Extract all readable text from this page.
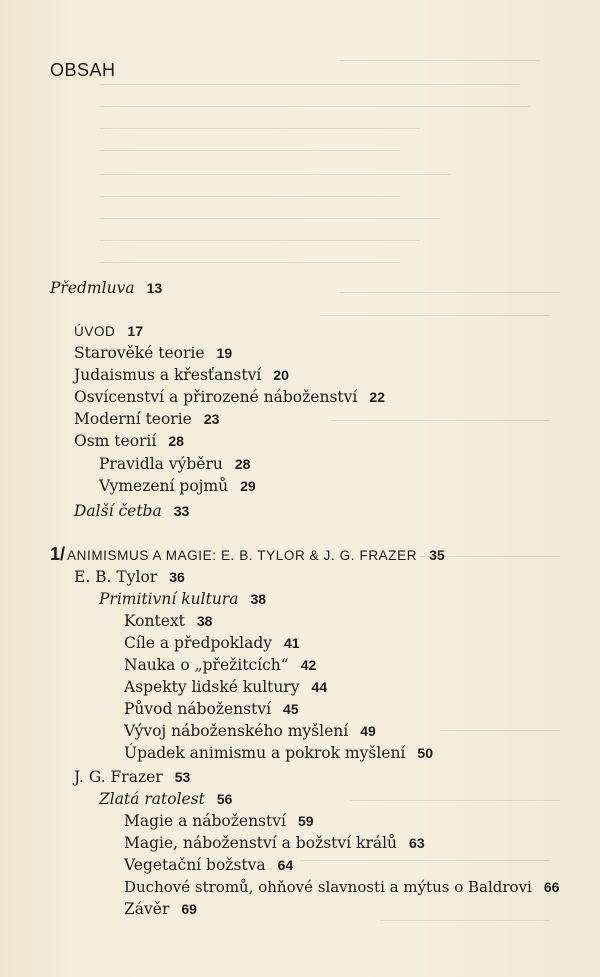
OBSAH
Předmluva 13
ÚVOD 17
Starověké teorie 19
Judaismus a křesťanství 20
Osvícenství a přirozené náboženství 22
Moderní teorie 23
Osm teorií 28
Pravidla výběru 28
Vymezení pojmů 29
Další četba 33
1/ ANIMISMUS A MAGIE: E. B. TYLOR & J. G. FRAZER 35
E. B. Tylor 36
Primitivní kultura 38
Kontext 38
Cíle a předpoklady 41
Nauka o „přežitcích“ 42
Aspekty lidské kultury 44
Původ náboženství 45
Vývoj náboženského myšlení 49
Úpadek animismu a pokrok myšlení 50
J. G. Frazer 53
Zlatá ratolest 56
Magie a náboženství 59
Magie, náboženství a božství králů 63
Vegetační božstva 64
Duchové stromů, ohňové slavnosti a mýtus o Baldrovi 66
Závěr 69
